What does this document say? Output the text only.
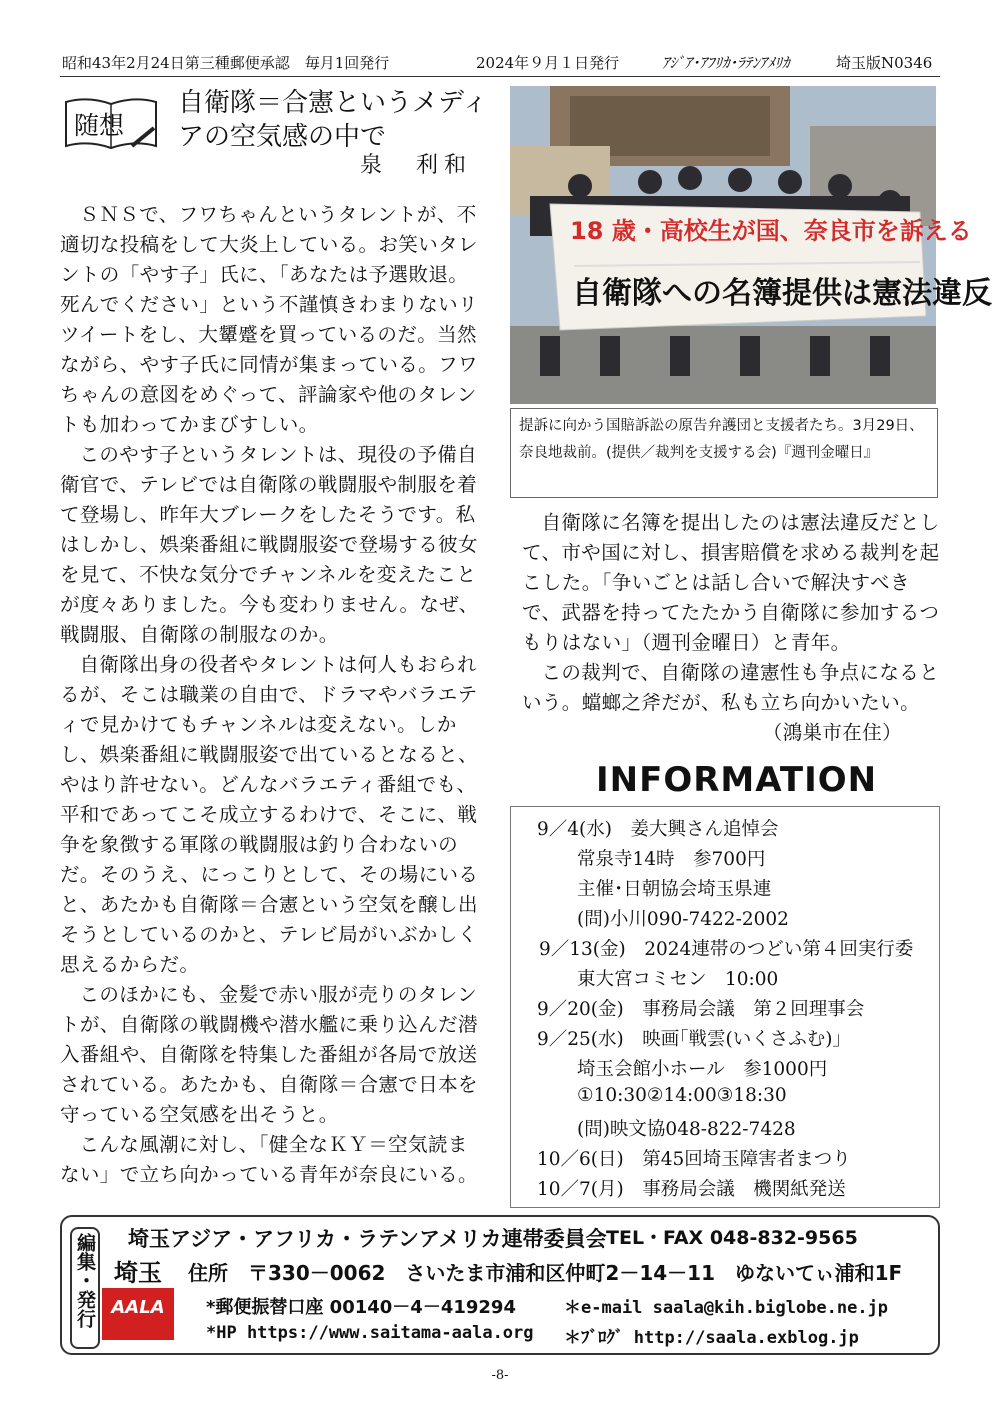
昭和43年2月24日第三種郵便承認　毎月1回発行	2024年９月１日発行	ｱｼﾞｱ･ｱﾌﾘｶ･ﾗﾃﾝｱﾒﾘｶ	埼玉版N0346
随想
自衛隊＝合憲というメディ
アの空気感の中で
泉　利和

ＳＮＳで、フワちゃんというタレントが、不適切な投稿をして大炎上している。お笑いタレントの「やす子」氏に、「あなたは予選敗退。死んでください」という不謹慎きわまりないリツイートをし、大顰蹙を買っているのだ。当然ながら、やす子氏に同情が集まっている。フワちゃんの意図をめぐって、評論家や他のタレントも加わってかまびすしい。

このやす子というタレントは、現役の予備自衛官で、テレビでは自衛隊の戦闘服や制服を着て登場し、昨年大ブレークをしたそうです。私はしかし、娯楽番組に戦闘服姿で登場する彼女を見て、不快な気分でチャンネルを変えたことが度々ありました。今も変わりません。なぜ、戦闘服、自衛隊の制服なのか。

自衛隊出身の役者やタレントは何人もおられるが、そこは職業の自由で、ドラマやバラエティで見かけてもチャンネルは変えない。しかし、娯楽番組に戦闘服姿で出ているとなると、やはり許せない。どんなバラエティ番組でも、平和であってこそ成立するわけで、そこに、戦争を象徴する軍隊の戦闘服は釣り合わないのだ。そのうえ、にっこりとして、その場にいると、あたかも自衛隊＝合憲という空気を醸し出そうとしているのかと、テレビ局がいぶかしく思えるからだ。

このほかにも、金髪で赤い服が売りのタレントが、自衛隊の戦闘機や潜水艦に乗り込んだ潜入番組や、自衛隊を特集した番組が各局で放送されている。あたかも、自衛隊＝合憲で日本を守っている空気感を出そうと。

こんな風潮に対し、「健全なＫＹ＝空気読まない」で立ち向かっている青年が奈良にいる。

18 歳・高校生が国、奈良市を訴える
自衛隊への名簿提供は憲法違反
提訴に向かう国賠訴訟の原告弁護団と支援者たち。3月29日、奈良地裁前。(提供／裁判を支援する会)『週刊金曜日』

自衛隊に名簿を提出したのは憲法違反だとして、市や国に対し、損害賠償を求める裁判を起こした。「争いごとは話し合いで解決すべきで、武器を持ってたたかう自衛隊に参加するつもりはない」（週刊金曜日）と青年。

この裁判で、自衛隊の違憲性も争点になるという。蟷螂之斧だが、私も立ち向かいたい。

（鴻巣市在住）

INFORMATION
9／4(水)　姜大興さん追悼会
常泉寺14時　参700円
主催･日朝協会埼玉県連
(問)小川090‐7422‐2002
9／13(金)　2024連帯のつどい第４回実行委
東大宮コミセン　10:00
9／20(金)　事務局会議　第２回理事会
9／25(水)　映画｢戦雲(いくさふむ)｣
埼玉会館小ホール　参1000円
①10:30②14:00③18:30
(問)映文協048‐822‐7428
10／6(日)　第45回埼玉障害者まつり
10／7(月)　事務局会議　機関紙発送
編集・発行 埼玉
AALA
埼玉アジア・アフリカ・ラテンアメリカ連帯委員会 TEL・FAX 048-832-9565
住所　〒330－0062　さいたま市浦和区仲町2－14－11　ゆないてぃ浦和1F
*郵便振替口座 00140－4－419294	＊e-mail saala@kih.biglobe.ne.jp
*HP https://www.saitama-aala.org ＊ﾌﾞﾛｸﾞ http://saala.exblog.jp
-8-
